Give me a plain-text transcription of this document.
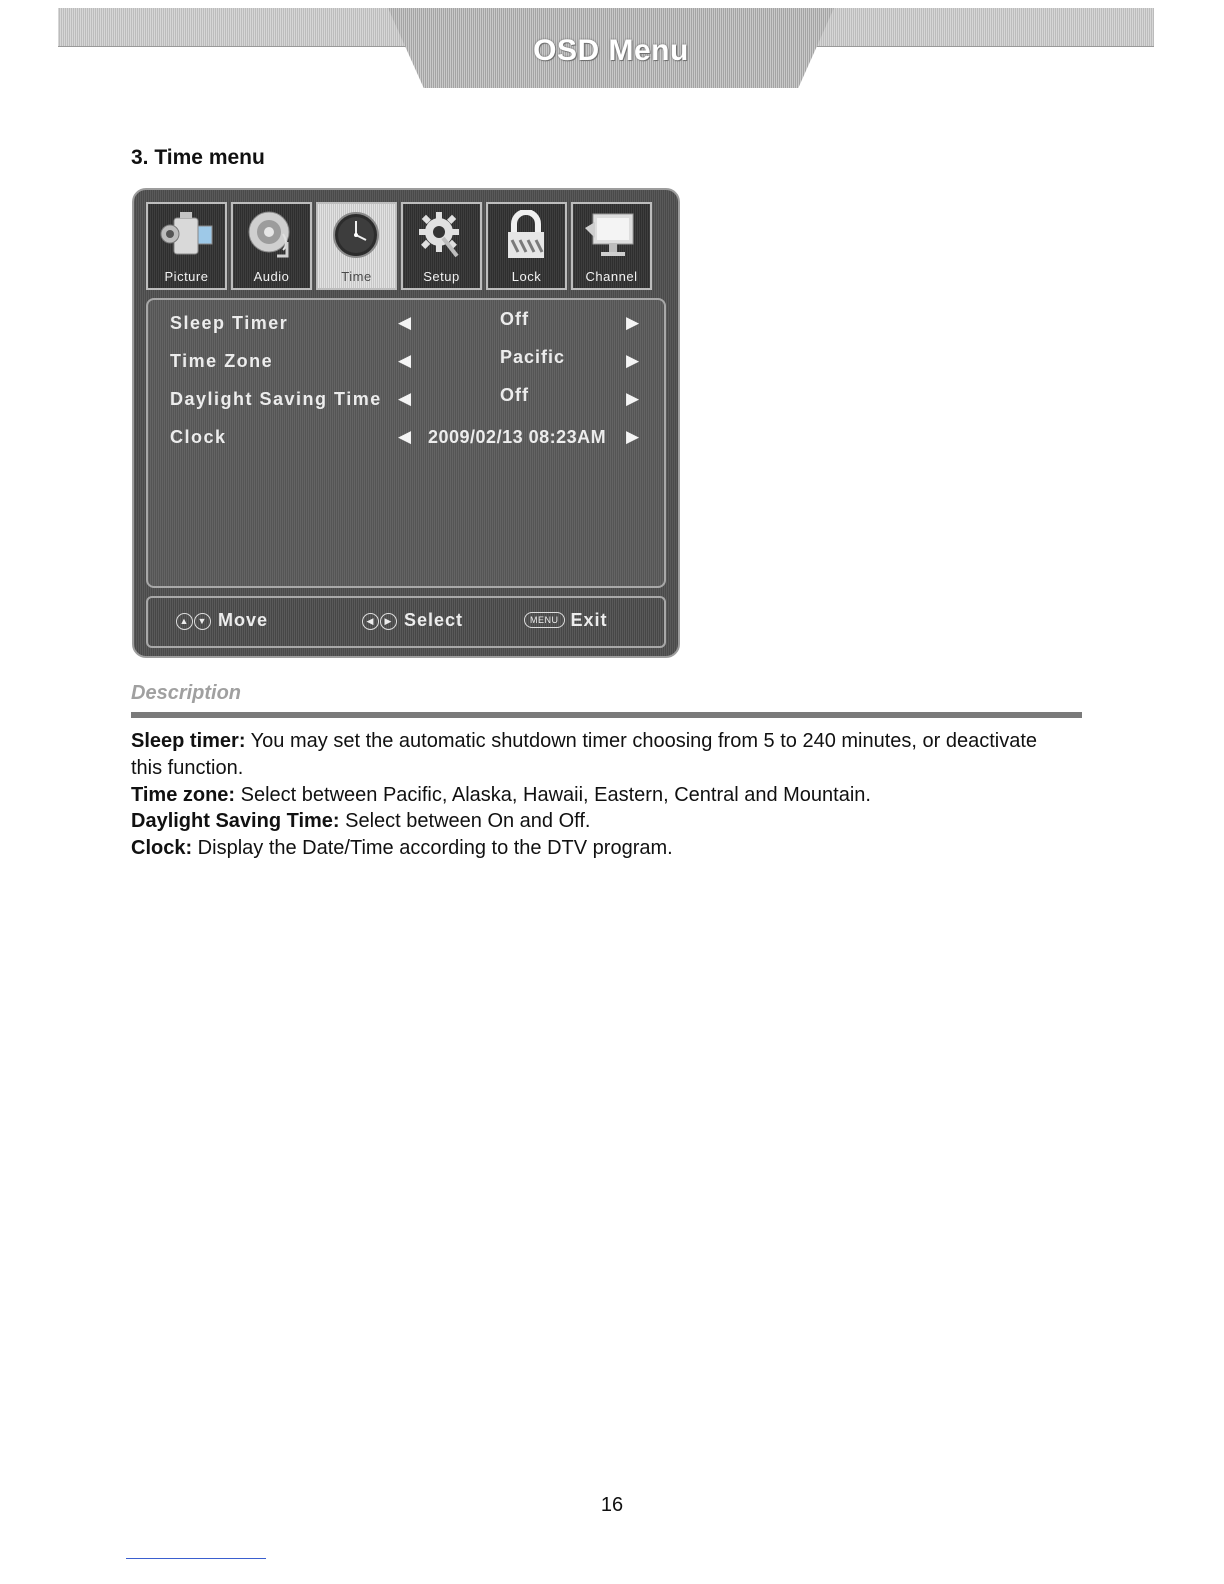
OSD Menu
3. Time menu
Picture	Audio	Time	Setup	Lock	Channel
Sleep Timer	◀	Off	▶
Time Zone	◀	Pacific	▶
Daylight Saving Time ◀	Off	▶
Clock	◀ 2009/02/13 08:23AM ▶
▲ ▼ Move	◀ ▶ Select	MENU Exit
Description

Sleep timer: You may set the automatic shutdown timer choosing from 5 to 240 minutes, or deactivate this function.

Time zone: Select between Pacific, Alaska, Hawaii, Eastern, Central and Mountain.

Daylight Saving Time: Select between On and Off.

Clock: Display the Date/Time according to the DTV program.

16
